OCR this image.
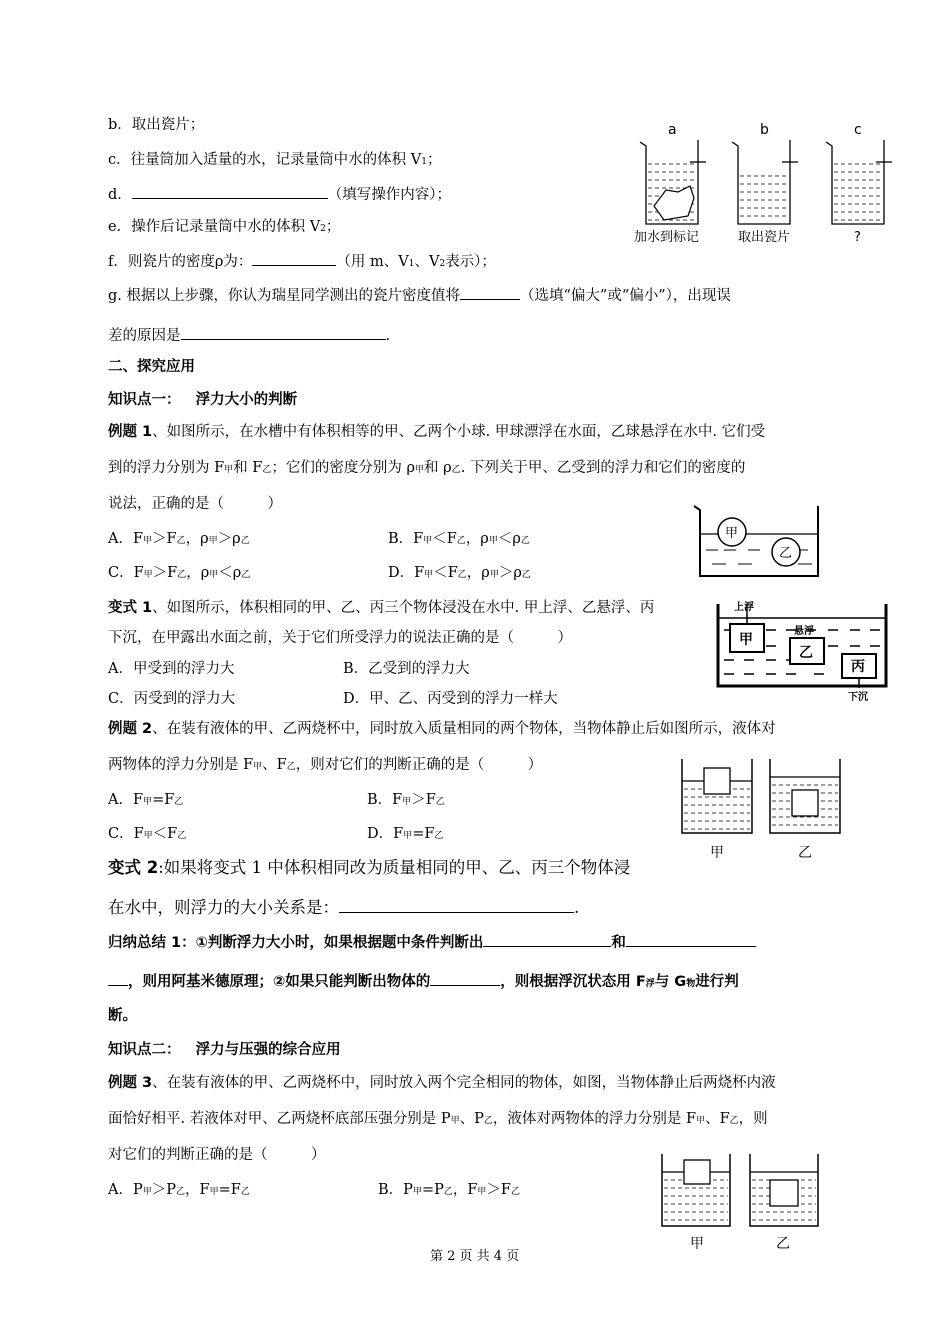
b．取出瓷片；
c．往量筒加入适量的水，记录量筒中水的体积 V1；
d．	（填写操作内容）；
e．操作后记录量筒中水的体积 V2；
f．则瓷片的密度ρ为：	（用 m、V1、V2表示）；
g. 根据以上步骤，你认为瑞星同学测出的瓷片密度值将	（选填“偏大”或“偏小”），出现误
差的原因是	.
a	b	c
加水到标记	取出瓷片	?
二、探究应用
知识点一： 浮力大小的判断
例题 1、如图所示，在水槽中有体积相等的甲、乙两个小球. 甲球漂浮在水面，乙球悬浮在水中. 它们受
到的浮力分别为 F甲和 F乙；它们的密度分别为 ρ甲和 ρ乙. 下列关于甲、乙受到的浮力和它们的密度的
说法，正确的是（　　　）
A．F甲＞F乙，ρ甲＞ρ乙	B．F甲＜F乙，ρ甲＜ρ乙
C．F甲＞F乙，ρ甲＜ρ乙	D．F甲＜F乙，ρ甲＞ρ乙
甲
乙
变式 1、如图所示，体积相同的甲、乙、丙三个物体浸没在水中. 甲上浮、乙悬浮、丙
下沉，在甲露出水面之前，关于它们所受浮力的说法正确的是（　　　）
A．甲受到的浮力大	B．乙受到的浮力大
C．丙受到的浮力大	D．甲、乙、丙受到的浮力一样大
上浮
甲
悬浮
乙
丙
下沉
例题 2、在装有液体的甲、乙两烧杯中，同时放入质量相同的两个物体，当物体静止后如图所示，液体对
两物体的浮力分别是 F甲、F乙，则对它们的判断正确的是（　　　）
A．F甲=F乙	B．F甲＞F乙
C．F甲＜F乙	D．F甲=F乙
甲	乙
变式 2:如果将变式 1 中体积相同改为质量相同的甲、乙、丙三个物体浸
在水中，则浮力的大小关系是：	.
归纳总结 1：①判断浮力大小时，如果根据题中条件判断出	和
，则用阿基米德原理；②如果只能判断出物体的	，则根据浮沉状态用 F浮与 G物进行判
断。
知识点二： 浮力与压强的综合应用
例题 3、在装有液体的甲、乙两烧杯中，同时放入两个完全相同的物体，如图，当物体静止后两烧杯内液
面恰好相平. 若液体对甲、乙两烧杯底部压强分别是 P甲、P乙，液体对两物体的浮力分别是 F甲、F乙，则
对它们的判断正确的是（　　　）
A．P甲＞P乙，F甲=F乙	B．P甲=P乙，F甲＞F乙
甲	乙
第 2 页 共 4 页
